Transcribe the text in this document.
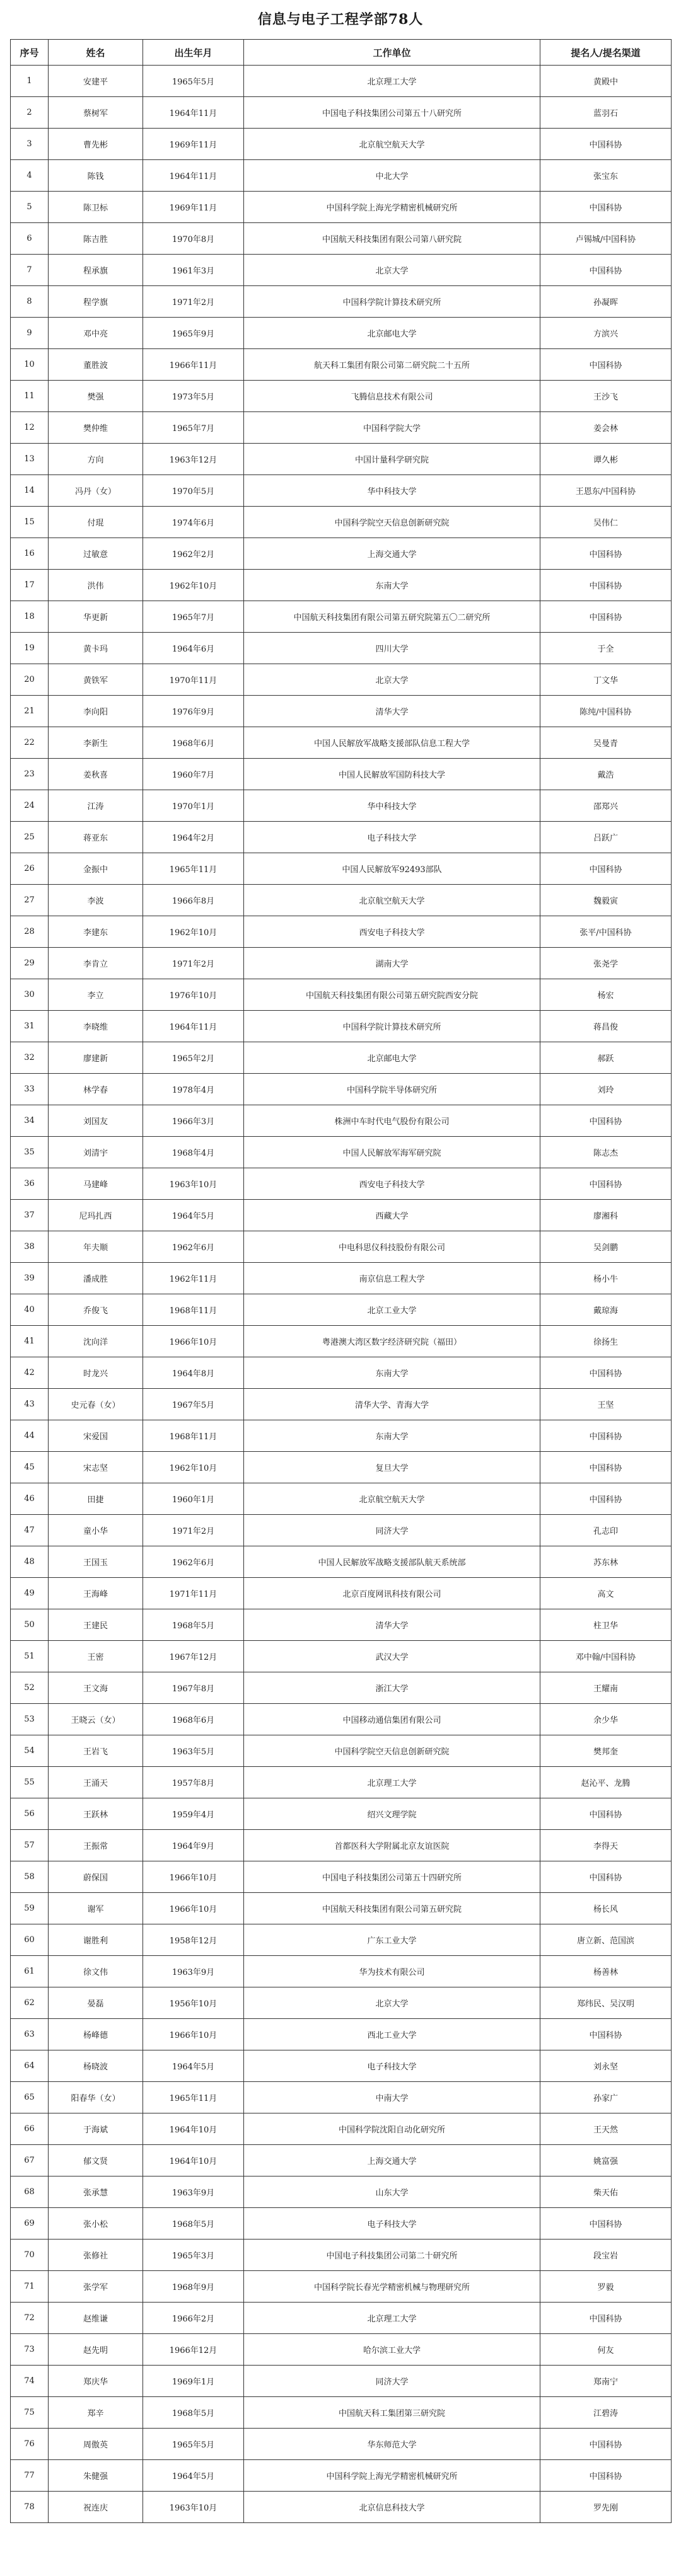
信息与电子工程学部78人
序号	姓名	出生年月	工作单位	提名人/提名渠道
1	安建平	1965年5月	北京理工大学	黄殿中
2	蔡树军	1964年11月	中国电子科技集团公司第五十八研究所	蓝羽石
3	曹先彬	1969年11月	北京航空航天大学	中国科协
4	陈钱	1964年11月	中北大学	张宝东
5	陈卫标	1969年11月	中国科学院上海光学精密机械研究所	中国科协
6	陈吉胜	1970年8月	中国航天科技集团有限公司第八研究院	卢锡城/中国科协
7	程承旗	1961年3月	北京大学	中国科协
8	程学旗	1971年2月	中国科学院计算技术研究所	孙凝晖
9	邓中亮	1965年9月	北京邮电大学	方滨兴
10	董胜波	1966年11月	航天科工集团有限公司第二研究院二十五所	中国科协
11	樊强	1973年5月	飞腾信息技术有限公司	王沙飞
12	樊仲维	1965年7月	中国科学院大学	姜会林
13	方向	1963年12月	中国计量科学研究院	谭久彬
14	冯丹（女）	1970年5月	华中科技大学	王恩东/中国科协
15	付琨	1974年6月	中国科学院空天信息创新研究院	吴伟仁
16	过敏意	1962年2月	上海交通大学	中国科协
17	洪伟	1962年10月	东南大学	中国科协
18	华更新	1965年7月	中国航天科技集团有限公司第五研究院第五〇二研究所	中国科协
19	黄卡玛	1964年6月	四川大学	于全
20	黄铁军	1970年11月	北京大学	丁文华
21	李向阳	1976年9月	清华大学	陈纯/中国科协
22	李新生	1968年6月	中国人民解放军战略支援部队信息工程大学	吴曼青
23	姜秋喜	1960年7月	中国人民解放军国防科技大学	戴浩
24	江涛	1970年1月	华中科技大学	邵郑兴
25	蒋亚东	1964年2月	电子科技大学	吕跃广
26	金振中	1965年11月	中国人民解放军92493部队	中国科协
27	李波	1966年8月	北京航空航天大学	魏毅寅
28	李建东	1962年10月	西安电子科技大学	张平/中国科协
29	李肯立	1971年2月	湖南大学	张尧学
30	李立	1976年10月	中国航天科技集团有限公司第五研究院西安分院	杨宏
31	李晓维	1964年11月	中国科学院计算技术研究所	蒋昌俊
32	廖建新	1965年2月	北京邮电大学	郝跃
33	林学春	1978年4月	中国科学院半导体研究所	刘玲
34	刘国友	1966年3月	株洲中车时代电气股份有限公司	中国科协
35	刘清宇	1968年4月	中国人民解放军海军研究院	陈志杰
36	马建峰	1963年10月	西安电子科技大学	中国科协
37	尼玛扎西	1964年5月	西藏大学	廖湘科
38	年夫顺	1962年6月	中电科思仪科技股份有限公司	吴剑鹏
39	潘成胜	1962年11月	南京信息工程大学	杨小牛
40	乔俊飞	1968年11月	北京工业大学	戴琼海
41	沈向洋	1966年10月	粤港澳大湾区数字经济研究院（福田）	徐扬生
42	时龙兴	1964年8月	东南大学	中国科协
43	史元春（女）	1967年5月	清华大学、青海大学	王坚
44	宋爱国	1968年11月	东南大学	中国科协
45	宋志坚	1962年10月	复旦大学	中国科协
46	田捷	1960年1月	北京航空航天大学	中国科协
47	童小华	1971年2月	同济大学	孔志印
48	王国玉	1962年6月	中国人民解放军战略支援部队航天系统部	苏东林
49	王海峰	1971年11月	北京百度网讯科技有限公司	高文
50	王建民	1968年5月	清华大学	柱卫华
51	王密	1967年12月	武汉大学	邓中翰/中国科协
52	王文海	1967年8月	浙江大学	王耀南
53	王晓云（女）	1968年6月	中国移动通信集团有限公司	余少华
54	王岩飞	1963年5月	中国科学院空天信息创新研究院	樊邦奎
55	王涌天	1957年8月	北京理工大学	赵沁平、龙腾
56	王跃林	1959年4月	绍兴文理学院	中国科协
57	王振常	1964年9月	首都医科大学附属北京友谊医院	李得天
58	蔚保国	1966年10月	中国电子科技集团公司第五十四研究所	中国科协
59	谢军	1966年10月	中国航天科技集团有限公司第五研究院	杨长风
60	谢胜利	1958年12月	广东工业大学	唐立新、范国滨
61	徐文伟	1963年9月	华为技术有限公司	杨善林
62	晏磊	1956年10月	北京大学	郑纬民、吴汉明
63	杨峰德	1966年10月	西北工业大学	中国科协
64	杨晓波	1964年5月	电子科技大学	刘永坚
65	阳春华（女）	1965年11月	中南大学	孙家广
66	于海斌	1964年10月	中国科学院沈阳自动化研究所	王天然
67	郁文贤	1964年10月	上海交通大学	姚富强
68	张承慧	1963年9月	山东大学	柴天佑
69	张小松	1968年5月	电子科技大学	中国科协
70	张修社	1965年3月	中国电子科技集团公司第二十研究所	段宝岩
71	张学军	1968年9月	中国科学院长春光学精密机械与物理研究所	罗毅
72	赵维谦	1966年2月	北京理工大学	中国科协
73	赵先明	1966年12月	哈尔滨工业大学	何友
74	郑庆华	1969年1月	同济大学	郑南宁
75	郑辛	1968年5月	中国航天科工集团第三研究院	江碧涛
76	周傲英	1965年5月	华东师范大学	中国科协
77	朱健强	1964年5月	中国科学院上海光学精密机械研究所	中国科协
78	祝连庆	1963年10月	北京信息科技大学	罗先刚
